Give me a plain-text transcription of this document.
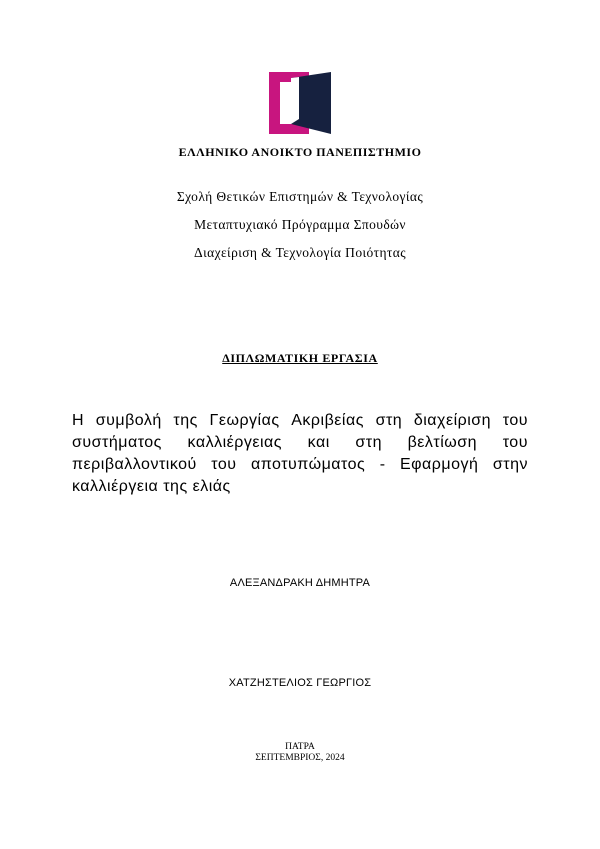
ΕΛΛΗΝΙΚΟ ΑΝΟΙΚΤΟ ΠΑΝΕΠΙΣΤΗΜΙΟ
Σχολή Θετικών Επιστημών & Τεχνολογίας
Μεταπτυχιακό Πρόγραμμα Σπουδών
Διαχείριση & Τεχνολογία Ποιότητας
ΔΙΠΛΩΜΑΤΙΚΗ ΕΡΓΑΣΙΑ
Η συμβολή της Γεωργίας Ακριβείας στη διαχείριση του
συστήματος καλλιέργειας και στη βελτίωση του
περιβαλλοντικού του αποτυπώματος - Εφαρμογή στην
καλλιέργεια της ελιάς
ΑΛΕΞΑΝΔΡΑΚΗ ΔΗΜΗΤΡΑ
ΧΑΤΖΗΣΤΕΛΙΟΣ ΓΕΩΡΓΙΟΣ
ΠΑΤΡΑ
ΣΕΠΤΕΜΒΡΙΟΣ, 2024
